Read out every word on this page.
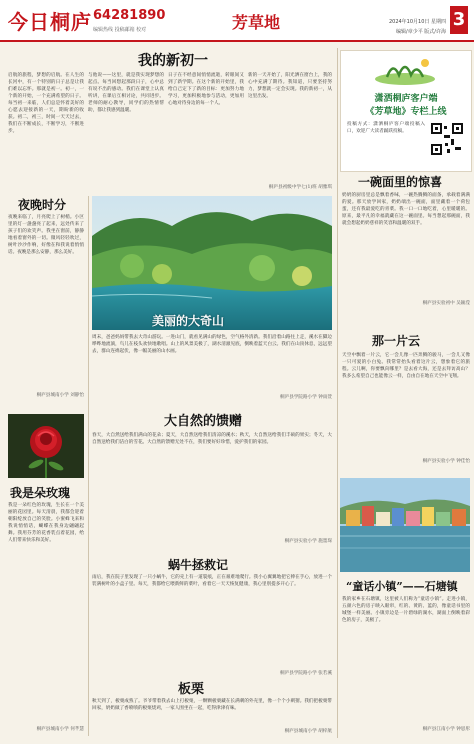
今日桐庐 64281890
编辑热线 投稿邮箱 校对	芳草地	2024年10月10日 星期四
编辑/章少平 版式/许海
3
我的新初一
启航的旅程，梦想的启航。在人生的长河中，有一个特别的日子总是让我们难以忘怀。那就是初一。初一，一个新的开始，一个充满希望的日子。每当初一来临，人们总是怀着美好的心愿去迎接新的一天，期盼新的收获。初二，初三，时间一天天过去，我们在不断成长，不断学习，不断进步。
与他说——这里，就是我实现梦想的起点。每当回想起那段日子，心中总有说不出的感动。我们在课堂上认真听讲，在课后互相讨论，共同进步。老师的耐心教导，同学们的热情帮助，都让我感到温暖。
日子在不经意间悄悄流逝，转眼间又到了新学期。在这个新的开始里，我给自己定下了新的目标：更加努力地学习，更加积极地参与活动，更加用心地对待身边的每一个人。
新的一天开始了，阳光洒在窗台上，我的心中充满了期待。我知道，只要坚持努力，梦想就一定会实现。我的新初一，从这里出发。
桐庐县初级中学七(1)班 胡雅琪
潇洒桐庐客户端
《芳草地》专栏上线
投稿方式：潇洒桐庐客户端投稿入口，欢迎广大读者踊跃投稿。
一碗面里的惊喜
奶奶的厨房里总是飘着香味，一碗热腾腾的面条，承载着满满的爱。那天放学回家，奶奶端出一碗面，面里藏着一个荷包蛋，还有我最爱吃的青菜。我一口一口地吃着，心里暖暖的。原来，最平凡的幸福就藏在这一碗面里。每当想起那碗面，我就会想起奶奶慈祥的笑容和温暖的双手。
桐庐县实验初中 吴颖滢
夜晚时分
夜晚来临了，月亮爬上了树梢。小区里的灯一盏盏亮了起来，远处传来了孩子们的欢笑声。我坐在窗前，静静地看着窗外的一切。微风轻轻吹过，树叶沙沙作响，好像在和我说着悄悄话。夜晚是那么安静，那么美好。
桐庐县城南小学 刘静怡
美丽的大奇山
周末，爸爸妈妈带我去大奇山游玩。一进山门，就看见满山的绿色，空气格外清新。我们沿着山路往上走，溪水在脚边哗哗地流淌，鸟儿在枝头欢快地歌唱。山上的风景美极了，湖水清澈见底，倒映着蓝天白云。我们在山顶休息，远远望去，群山连绵起伏，像一幅美丽的山水画。
桐庐县学院路小学 钟雨萱
那一片云
天空中飘着一片云，它一会儿像一匹奔腾的骏马，一会儿又像一只可爱的小白兔。我常常抬头看着这片云，想象着它的旅程。云儿啊，你要飘向哪里？是去看大海，还是去拜访高山？我多么希望自己也能像云一样，自由自在地在天空中飞翔。
桐庐县实验小学 钟佳怡
我是朵玫瑰
我是一朵红色的玫瑰，生长在一个美丽的花园里。每天清晨，我都会迎着朝阳绽放自己的笑脸。小蜜蜂飞来和我说悄悄话，蝴蝶在我身边翩翩起舞。我用芬芳的花香装点着花园，给人们带来快乐和美好。
桐庐县城南小学 何芊慧
大自然的馈赠
春天，大自然送给我们满山的花朵；夏天，大自然送给我们清凉的溪水；秋天，大自然送给我们丰硕的果实；冬天，大自然送给我们洁白的雪花。大自然的馈赠无处不在，我们要好好珍惜，爱护我们的家园。
桐庐县实验小学 施墨琛
蜗牛拯救记
雨后，我在院子里发现了一只小蜗牛，它的壳上有一道裂痕，正在艰难地爬行。我小心翼翼地把它捧在手心，放进一个装满树叶的小盒子里。每天，我都给它喂新鲜的菜叶，看着它一天天恢复健康，我心里别提多开心了。
桐庐县学院路小学 张若溪
板栗
秋天到了，板栗成熟了。爷爷带着我去山上打板栗，一颗颗板栗藏在长满刺的外壳里，像一个个小刺猬。我们把板栗带回家，奶奶做了香喷喷的板栗烧鸡，一家人围坐在一起，吃得津津有味。
桐庐县城南小学 胡梓航
“童话小镇”——石塘镇
我的家乡在石塘镇，这里被人们称为“童话小镇”。走进小镇，五颜六色的房子映入眼帘，红的、黄的、蓝的，像童话书里的城堡一样美丽。小镇旁边是一片碧绿的湖水，湖面上倒映着彩色的房子，美极了。
桐庐县江南小学 钟思彤
